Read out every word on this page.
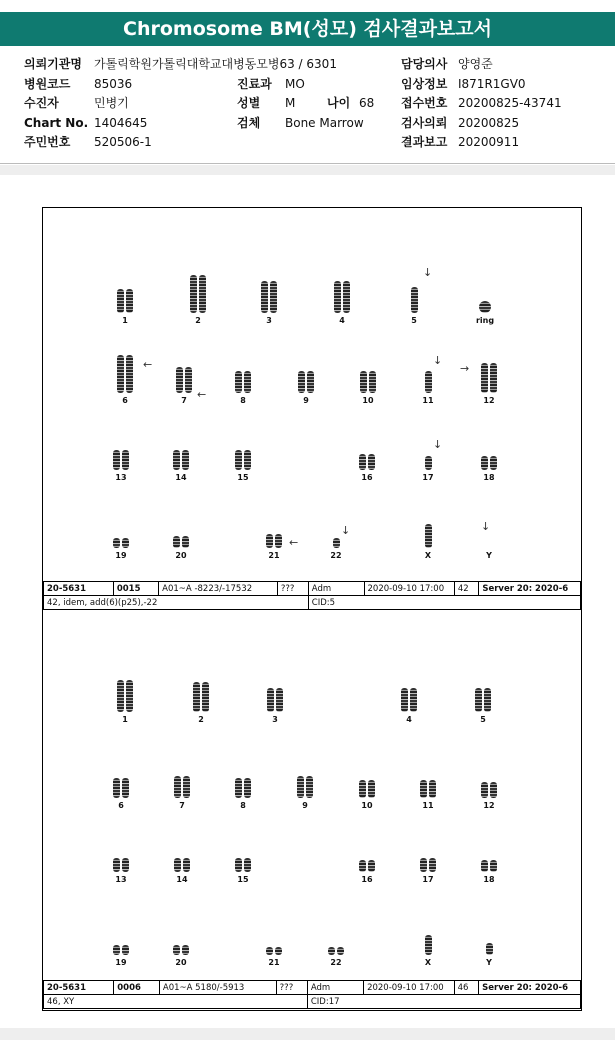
Chromosome BM(성모) 검사결과보고서
의뢰기관명 가톨릭학원가톨릭대학교대병동모병63 / 6301
병원코드 85036
수진자	민병기
Chart No. 1404645
주민번호 520506-1
진료과 MO
성별 M	나이 68
검체 Bone Marrow
담당의사 양영준
임상정보 I871R1GV0
접수번호 20200825-43741
검사의뢰 20200825
결과보고 20200911
1	2	3	4	5	ring
6	7	8	9	10	11	12
13	14	15	16	17	18
19	20	21	22	X	Y
↓
←	↓
→
←
↓
←
↓	↓
20-5631	0015	A01~A -8223/-17532	???	Adm	2020-09-10 17:00	42	Server 20: 2020-6
42, idem, add(6)(p25),-22				CID:5			
1	2	3	4	5
6	7	8	9	10	11	12
13	14	15	16	17	18
19	20	21	22	X	Y
20-5631	0006	A01~A 5180/-5913	???	Adm	2020-09-10 17:00	46	Server 20: 2020-6
46, XY				CID:17			
